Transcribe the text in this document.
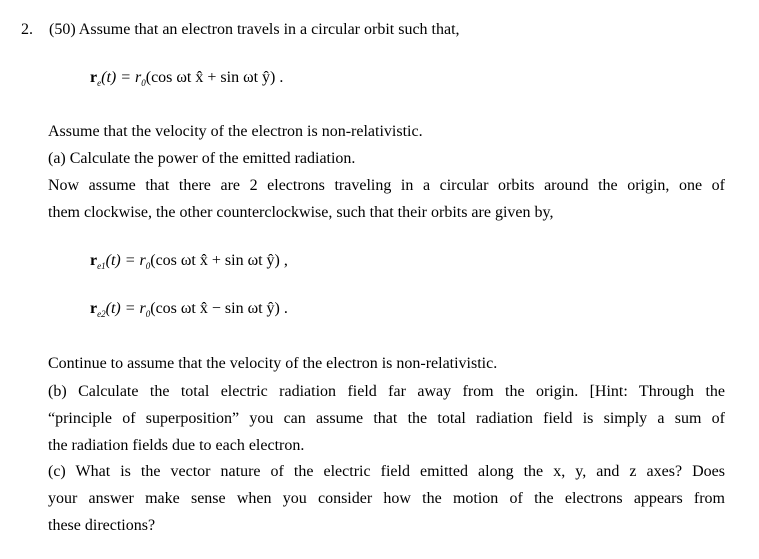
2. (50) Assume that an electron travels in a circular orbit such that,
$r_e(t) = r_0(\cos$ ωt x̂ + sin ωt ŷ) .
Assume that the velocity of the electron is non-relativistic.
(a) Calculate the power of the emitted radiation.
Now assume that there are 2 electrons traveling in a circular orbits around the origin, one of
them clockwise, the other counterclockwise, such that their orbits are given by,
$r_{e1}(t) = r_0(\cos$ ωt x̂ + sin ωt ŷ) ,
$r_{e2}(t) = r_0(\cos$ ωt x̂ − sin ωt ŷ) .
Continue to assume that the velocity of the electron is non-relativistic.
(b) Calculate the total electric radiation field far away from the origin. [Hint: Through the
“principle of superposition” you can assume that the total radiation field is simply a sum of
the radiation fields due to each electron.
(c) What is the vector nature of the electric field emitted along the x, y, and z axes? Does
your answer make sense when you consider how the motion of the electrons appears from
these directions?
